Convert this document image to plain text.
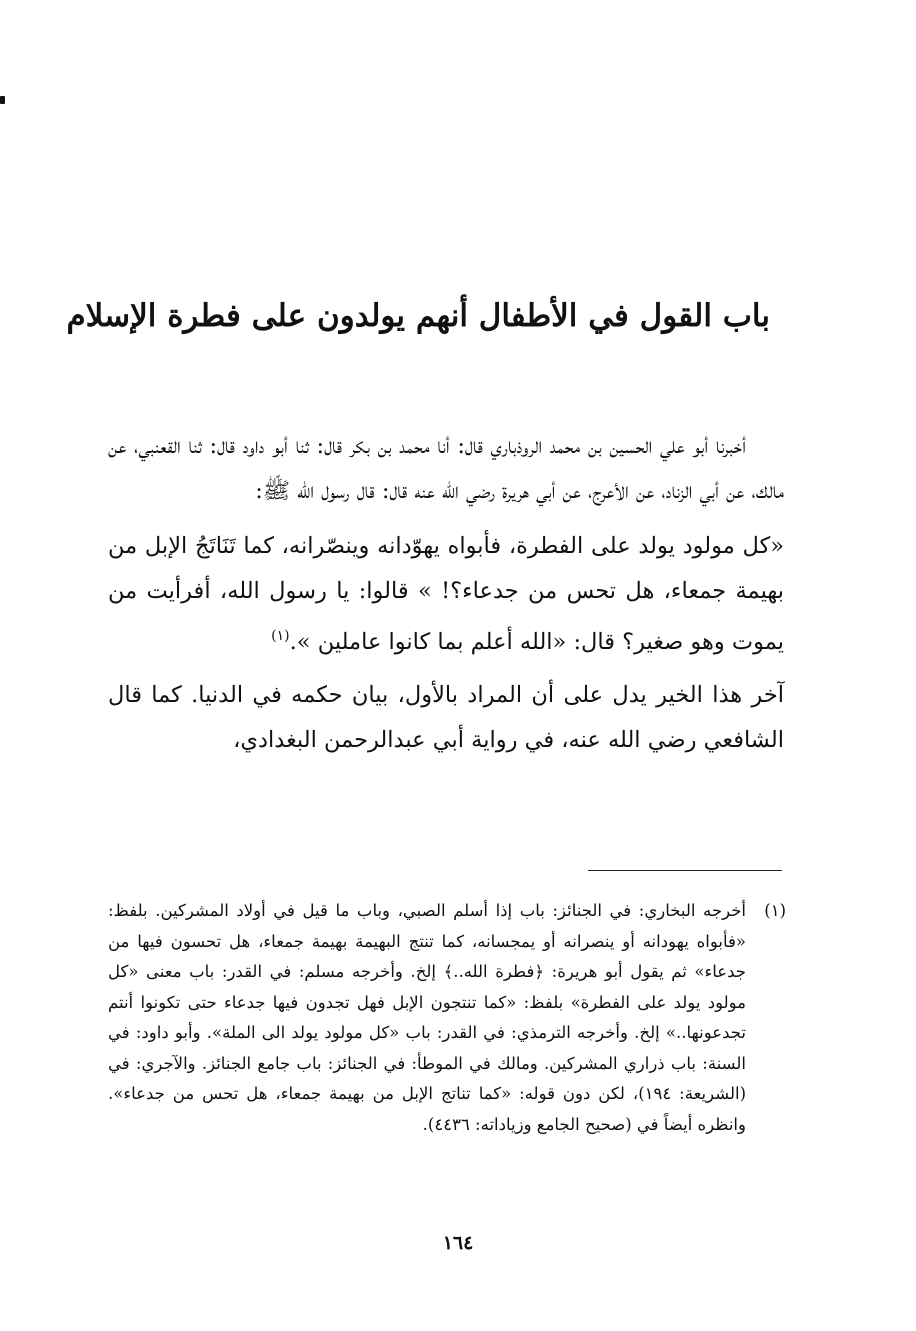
باب القول في الأطفال أنهم يولدون على فطرة الإسلام

أخبرنا أبو علي الحسين بن محمد الروذباري قال: أنا محمد بن بكر قال: ثنا أبو داود قال: ثنا القعنبي، عن مالك، عن أبي الزناد، عن الأعرج، عن أبي هريرة رضي الله عنه قال: قال رسول الله ﷺ:

«كل مولود يولد على الفطرة، فأبواه يهوّدانه وينصّرانه، كما تَنَاتَجُ الإبل من بهيمة جمعاء، هل تحس من جدعاء؟! » قالوا: يا رسول الله، أفرأيت من يموت وهو صغير؟ قال: «الله أعلم بما كانوا عاملين ».$^{(١)}$

آخر هذا الخير يدل على أن المراد بالأول، بيان حكمه في الدنيا. كما قال الشافعي رضي الله عنه، في رواية أبي عبدالرحمن البغدادي،

(١)

أخرجه البخاري: في الجنائز: باب إذا أسلم الصبي، وباب ما قيل في أولاد المشركين. بلفظ: «فأبواه يهودانه أو ينصرانه أو يمجسانه، كما تنتج البهيمة بهيمة جمعاء، هل تحسون فيها من جدعاء» ثم يقول أبو هريرة: ﴿فطرة الله..﴾ إلخ. وأخرجه مسلم: في القدر: باب معنى «كل مولود يولد على الفطرة» بلفظ: «كما تنتجون الإبل فهل تجدون فيها جدعاء حتى تكونوا أنتم تجدعونها..» إلخ. وأخرجه الترمذي: في القدر: باب «كل مولود يولد الى الملة». وأبو داود: في السنة: باب ذراري المشركين. ومالك في الموطأ: في الجنائز: باب جامع الجنائز. والآجري: في (الشريعة: ١٩٤)، لكن دون قوله: «كما تناتج الإبل من بهيمة جمعاء، هل تحس من جدعاء». وانظره أيضاً في (صحيح الجامع وزياداته: ٤٤٣٦).

١٦٤
